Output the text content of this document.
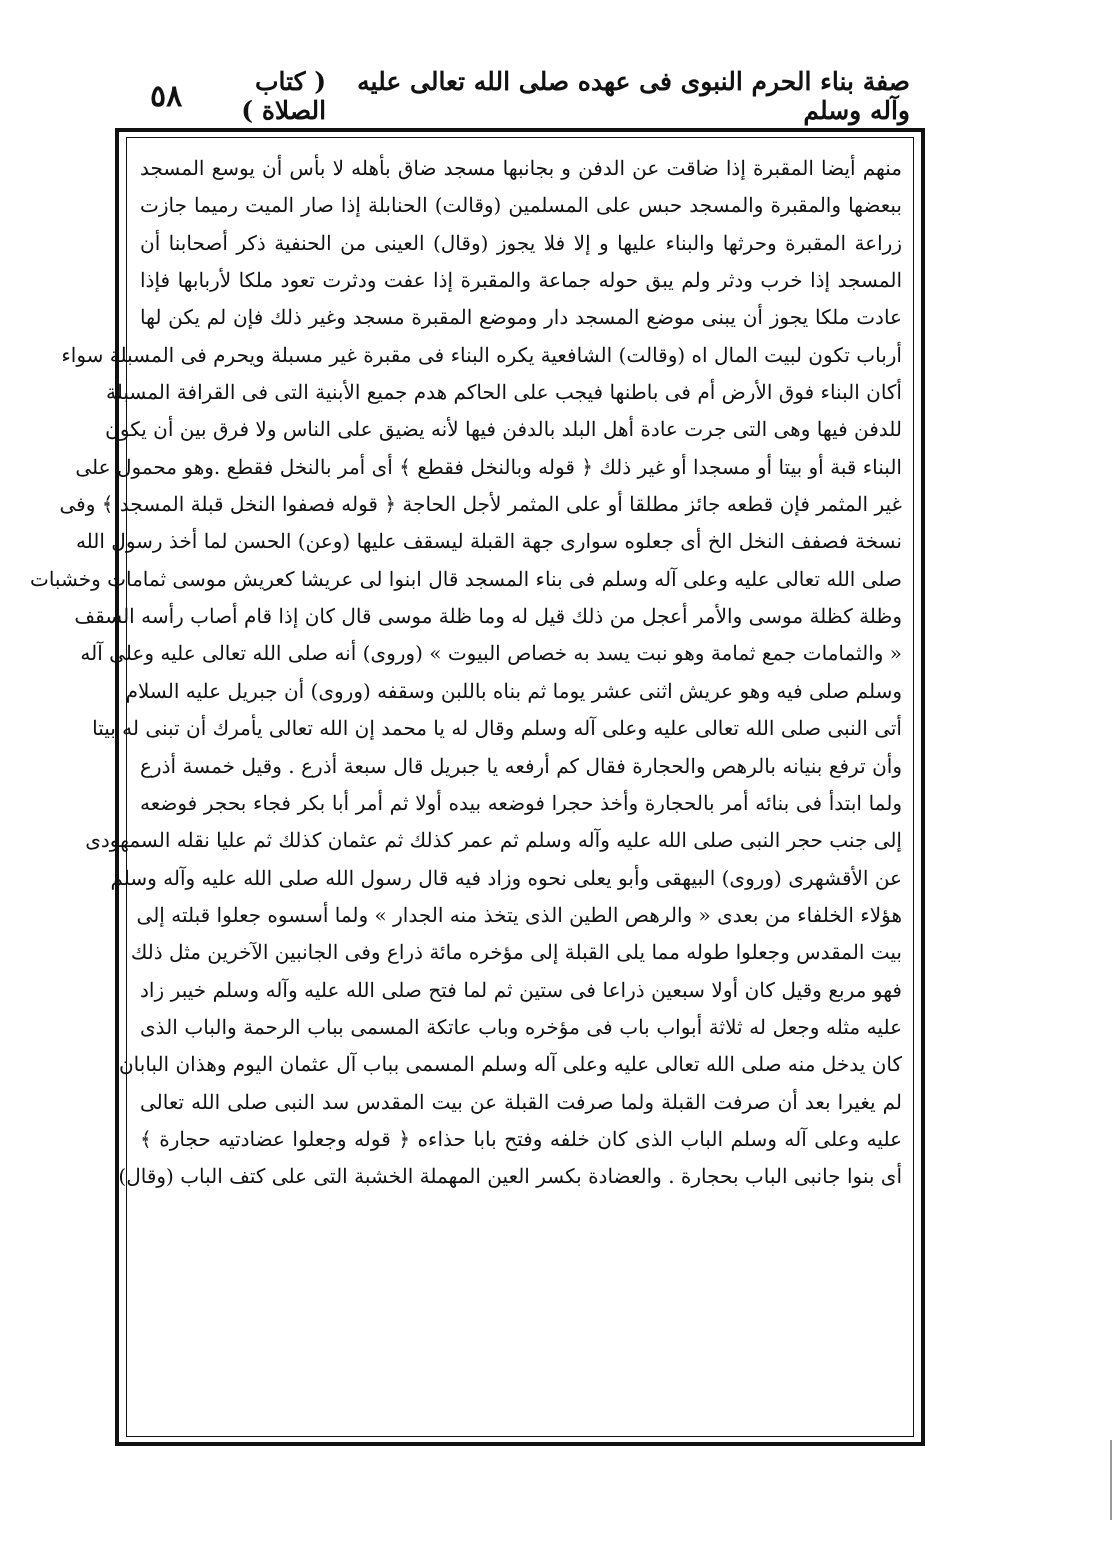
٥٨	( كتاب الصلاة )
صفة بناء الحرم النبوى فى عهده صلى الله تعالى عليه وآله وسلم
منهم أيضا المقبرة إذا ضاقت عن الدفن و بجانبها مسجد ضاق بأهله لا بأس أن يوسع المسجد
ببعضها والمقبرة والمسجد حبس على المسلمين (وقالت) الحنابلة إذا صار الميت رميما جازت
زراعة المقبرة وحرثها والبناء عليها و إلا فلا يجوز (وقال) العينى من الحنفية ذكر أصحابنا أن
المسجد إذا خرب ودثر ولم يبق حوله جماعة والمقبرة إذا عفت ودثرت تعود ملكا لأربابها فإذا
عادت ملكا يجوز أن يبنى موضع المسجد دار وموضع المقبرة مسجد وغير ذلك فإن لم يكن لها
أرباب تكون لبيت المال اه (وقالت) الشافعية يكره البناء فى مقبرة غير مسبلة ويحرم فى المسبلة سواء
أكان البناء فوق الأرض أم فى باطنها فيجب على الحاكم هدم جميع الأبنية التى فى القرافة المسبلة
للدفن فيها وهى التى جرت عادة أهل البلد بالدفن فيها لأنه يضيق على الناس ولا فرق بين أن يكون
البناء قبة أو بيتا أو مسجدا أو غير ذلك ﴿ قوله وبالنخل فقطع ﴾ أى أمر بالنخل فقطع .وهو محمول على
غير المثمر فإن قطعه جائز مطلقا أو على المثمر لأجل الحاجة ﴿ قوله فصفوا النخل قبلة المسجد ﴾ وفى
نسخة فصفف النخل الخ أى جعلوه سوارى جهة القبلة ليسقف عليها (وعن) الحسن لما أخذ رسول الله
صلى الله تعالى عليه وعلى آله وسلم فى بناء المسجد قال ابنوا لى عريشا كعريش موسى ثمامات وخشبات
وظلة كظلة موسى والأمر أعجل من ذلك قيل له وما ظلة موسى قال كان إذا قام أصاب رأسه السقف
« والثمامات جمع ثمامة وهو نبت يسد به خصاص البيوت » (وروى) أنه صلى الله تعالى عليه وعلى آله
وسلم صلى فيه وهو عريش اثنى عشر يوما ثم بناه باللبن وسقفه (وروى) أن جبريل عليه السلام
أتى النبى صلى الله تعالى عليه وعلى آله وسلم وقال له يا محمد إن الله تعالى يأمرك أن تبنى له بيتا
وأن ترفع بنيانه بالرهص والحجارة فقال كم أرفعه يا جبريل قال سبعة أذرع . وقيل خمسة أذرع
ولما ابتدأ فى بنائه أمر بالحجارة وأخذ حجرا فوضعه بيده أولا ثم أمر أبا بكر فجاء بحجر فوضعه
إلى جنب حجر النبى صلى الله عليه وآله وسلم ثم عمر كذلك ثم عثمان كذلك ثم عليا نقله السمهودى
عن الأقشهرى (وروى) البيهقى وأبو يعلى نحوه وزاد فيه قال رسول الله صلى الله عليه وآله وسلم
هؤلاء الخلفاء من بعدى « والرهص الطين الذى يتخذ منه الجدار » ولما أسسوه جعلوا قبلته إلى
بيت المقدس وجعلوا طوله مما يلى القبلة إلى مؤخره مائة ذراع وفى الجانبين الآخرين مثل ذلك
فهو مربع وقيل كان أولا سبعين ذراعا فى ستين ثم لما فتح صلى الله عليه وآله وسلم خيبر زاد
عليه مثله وجعل له ثلاثة أبواب باب فى مؤخره وباب عاتكة المسمى بباب الرحمة والباب الذى
كان يدخل منه صلى الله تعالى عليه وعلى آله وسلم المسمى بباب آل عثمان اليوم وهذان البابان
لم يغيرا بعد أن صرفت القبلة ولما صرفت القبلة عن بيت المقدس سد النبى صلى الله تعالى
عليه وعلى آله وسلم الباب الذى كان خلفه وفتح بابا حذاءه ﴿ قوله وجعلوا عضادتيه حجارة ﴾
أى بنوا جانبى الباب بحجارة . والعضادة بكسر العين المهملة الخشبة التى على كتف الباب (وقال)
